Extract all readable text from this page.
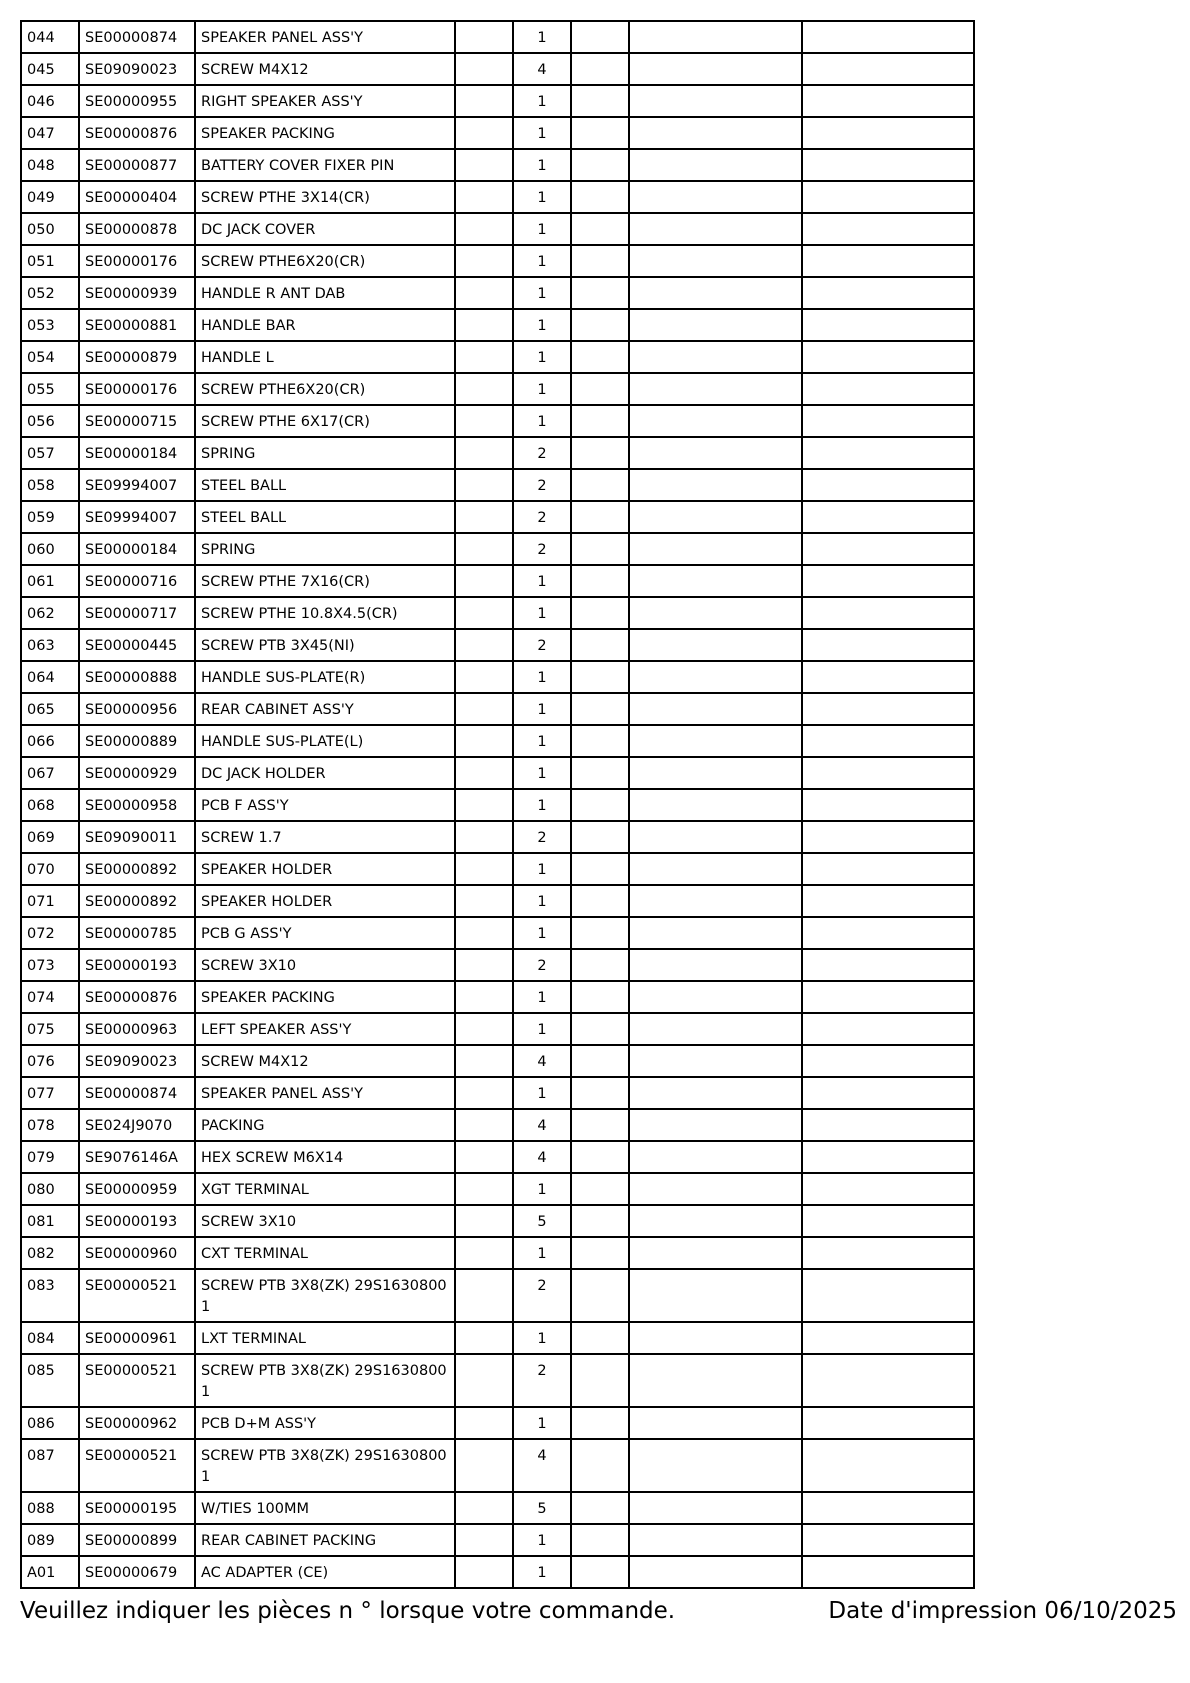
044	SE00000874	SPEAKER PANEL ASS'Y		1			
045	SE09090023	SCREW M4X12		4			
046	SE00000955	RIGHT SPEAKER ASS'Y		1			
047	SE00000876	SPEAKER PACKING		1			
048	SE00000877	BATTERY COVER FIXER PIN		1			
049	SE00000404	SCREW PTHE 3X14(CR)		1			
050	SE00000878	DC JACK COVER		1			
051	SE00000176	SCREW PTHE6X20(CR)		1			
052	SE00000939	HANDLE R ANT DAB		1			
053	SE00000881	HANDLE BAR		1			
054	SE00000879	HANDLE L		1			
055	SE00000176	SCREW PTHE6X20(CR)		1			
056	SE00000715	SCREW PTHE 6X17(CR)		1			
057	SE00000184	SPRING		2			
058	SE09994007	STEEL BALL		2			
059	SE09994007	STEEL BALL		2			
060	SE00000184	SPRING		2			
061	SE00000716	SCREW PTHE 7X16(CR)		1			
062	SE00000717	SCREW PTHE 10.8X4.5(CR)		1			
063	SE00000445	SCREW PTB 3X45(NI)		2			
064	SE00000888	HANDLE SUS-PLATE(R)		1			
065	SE00000956	REAR CABINET ASS'Y		1			
066	SE00000889	HANDLE SUS-PLATE(L)		1			
067	SE00000929	DC JACK HOLDER		1			
068	SE00000958	PCB F ASS'Y		1			
069	SE09090011	SCREW 1.7		2			
070	SE00000892	SPEAKER HOLDER		1			
071	SE00000892	SPEAKER HOLDER		1			
072	SE00000785	PCB G ASS'Y		1			
073	SE00000193	SCREW 3X10		2			
074	SE00000876	SPEAKER PACKING		1			
075	SE00000963	LEFT SPEAKER ASS'Y		1			
076	SE09090023	SCREW M4X12		4			
077	SE00000874	SPEAKER PANEL ASS'Y		1			
078	SE024J9070	PACKING		4			
079	SE9076146A	HEX SCREW M6X14		4			
080	SE00000959	XGT TERMINAL		1			
081	SE00000193	SCREW 3X10		5			
082	SE00000960	CXT TERMINAL		1			
083	SE00000521	SCREW PTB 3X8(ZK) 29S1630800 1		2			
084	SE00000961	LXT TERMINAL		1			
085	SE00000521	SCREW PTB 3X8(ZK) 29S1630800 1		2			
086	SE00000962	PCB D+M ASS'Y		1			
087	SE00000521	SCREW PTB 3X8(ZK) 29S1630800 1		4			
088	SE00000195	W/TIES 100MM		5			
089	SE00000899	REAR CABINET PACKING		1			
A01	SE00000679	AC ADAPTER (CE)		1			
Veuillez indiquer les pièces n ° lorsque votre commande.	Date d'impression 06/10/2025
